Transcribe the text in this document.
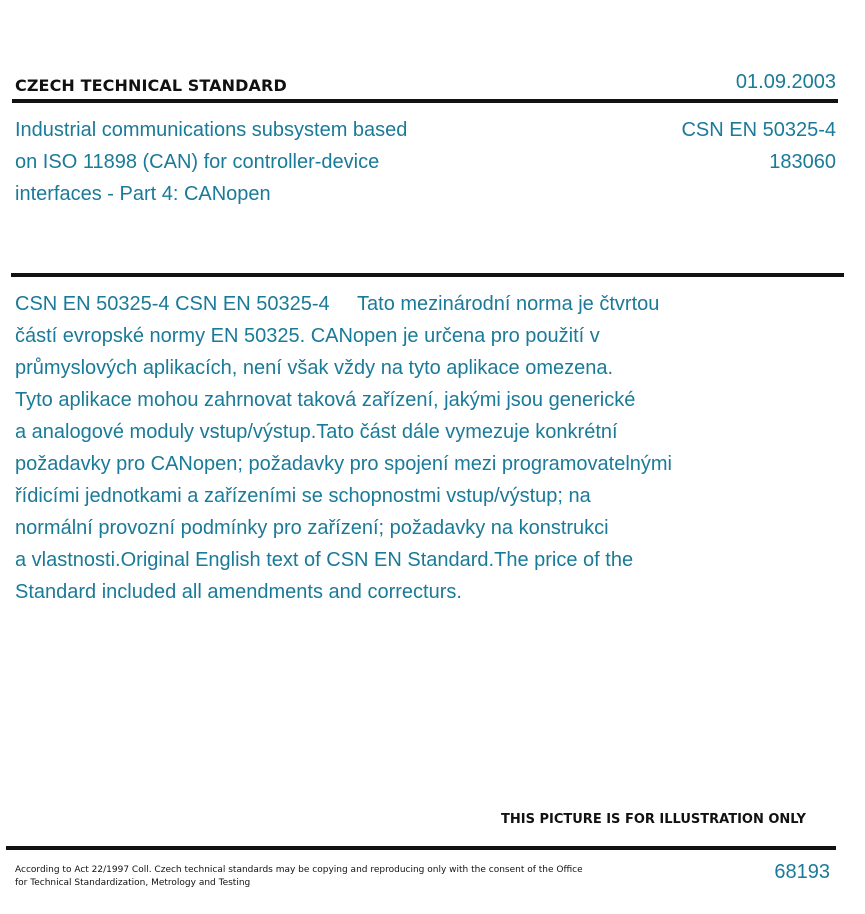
CZECH TECHNICAL STANDARD	01.09.2003
Industrial communications subsystem based
on ISO 11898 (CAN) for controller-device
interfaces - Part 4: CANopen
CSN EN 50325-4
183060
CSN EN 50325-4 CSN EN 50325-4     Tato mezinárodní norma je čtvrtou
částí evropské normy EN 50325. CANopen je určena pro použití v
průmyslových aplikacích, není však vždy na tyto aplikace omezena.
Tyto aplikace mohou zahrnovat taková zařízení, jakými jsou generické
a analogové moduly vstup/výstup.Tato část dále vymezuje konkrétní
požadavky pro CANopen; požadavky pro spojení mezi programovatelnými
řídicími jednotkami a zařízeními se schopnostmi vstup/výstup; na
normální provozní podmínky pro zařízení; požadavky na konstrukci
a vlastnosti.Original English text of CSN EN Standard.The price of the
Standard included all amendments and correcturs.
THIS PICTURE IS FOR ILLUSTRATION ONLY
According to Act 22/1997 Coll. Czech technical standards may be copying and reproducing only with the consent of the Office
for Technical Standardization, Metrology and Testing	68193
